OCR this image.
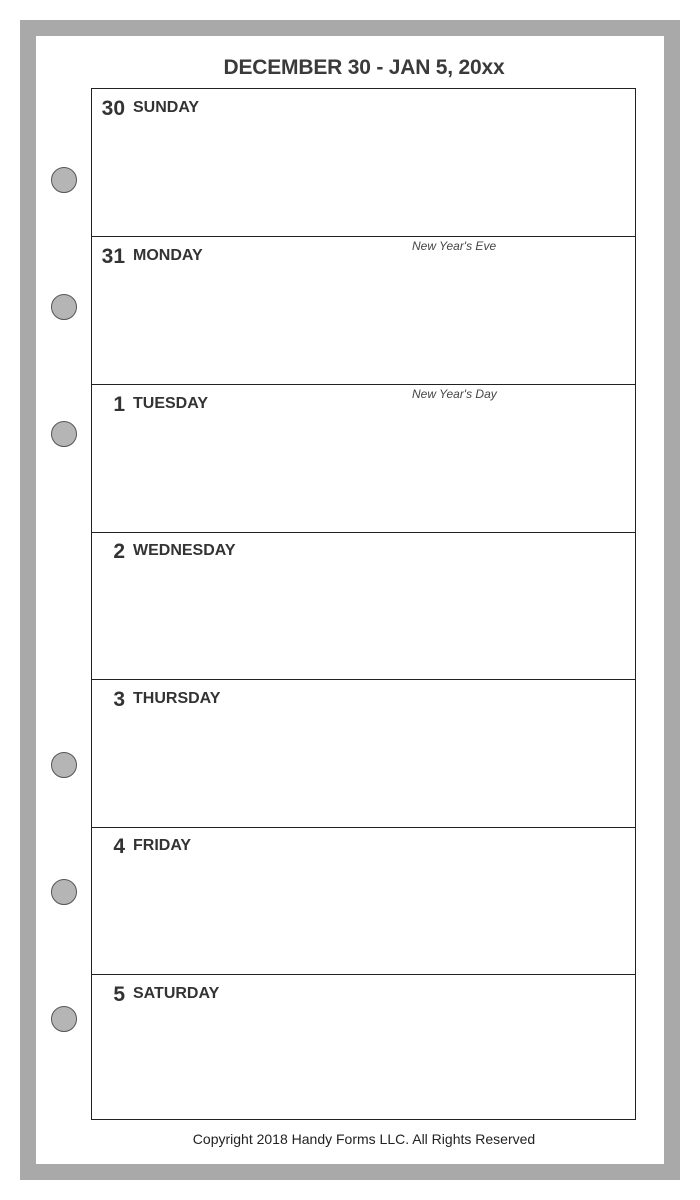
DECEMBER 30 - JAN 5, 20xx
30 SUNDAY
31 MONDAY
New Year's Eve
1 TUESDAY
New Year's Day
2 WEDNESDAY
3 THURSDAY
4 FRIDAY
5 SATURDAY
Copyright 2018 Handy Forms LLC. All Rights Reserved
